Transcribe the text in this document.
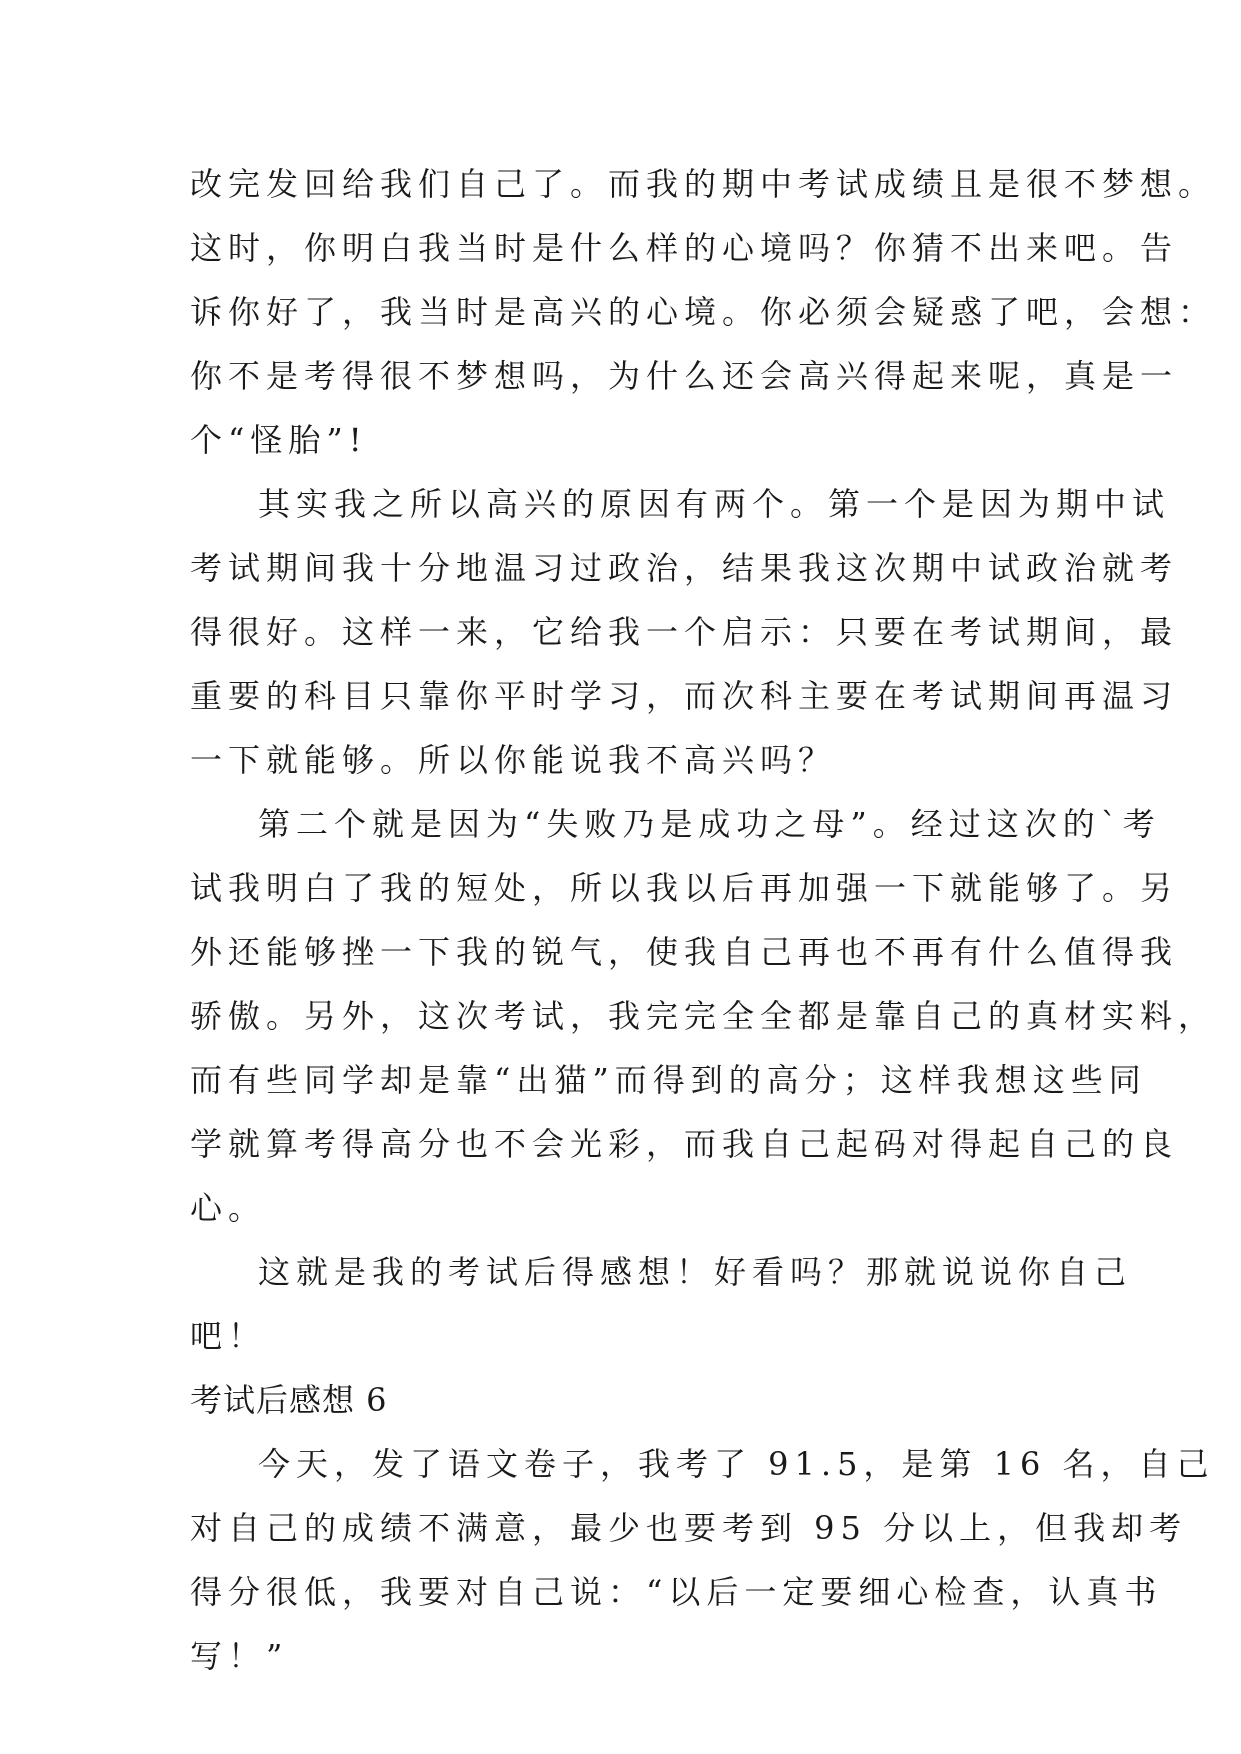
改完发回给我们自己了。而我的期中考试成绩且是很不梦想。
这时，你明白我当时是什么样的心境吗？你猜不出来吧。告
诉你好了，我当时是高兴的心境。你必须会疑惑了吧，会想：
你不是考得很不梦想吗，为什么还会高兴得起来呢，真是一
个“怪胎”!
其实我之所以高兴的原因有两个。第一个是因为期中试
考试期间我十分地温习过政治，结果我这次期中试政治就考
得很好。这样一来，它给我一个启示：只要在考试期间，最
重要的科目只靠你平时学习，而次科主要在考试期间再温习
一下就能够。所以你能说我不高兴吗？
第二个就是因为“失败乃是成功之母”。经过这次的`考
试我明白了我的短处，所以我以后再加强一下就能够了。另
外还能够挫一下我的锐气，使我自己再也不再有什么值得我
骄傲。另外，这次考试，我完完全全都是靠自己的真材实料，
而有些同学却是靠“出猫”而得到的高分；这样我想这些同
学就算考得高分也不会光彩，而我自己起码对得起自己的良
心。
这就是我的考试后得感想！好看吗？那就说说你自己
吧！
考试后感想 6
今天，发了语文卷子，我考了 91.5，是第 16 名，自己
对自己的成绩不满意，最少也要考到 95 分以上，但我却考
得分很低，我要对自己说：“以后一定要细心检查，认真书
写！”
